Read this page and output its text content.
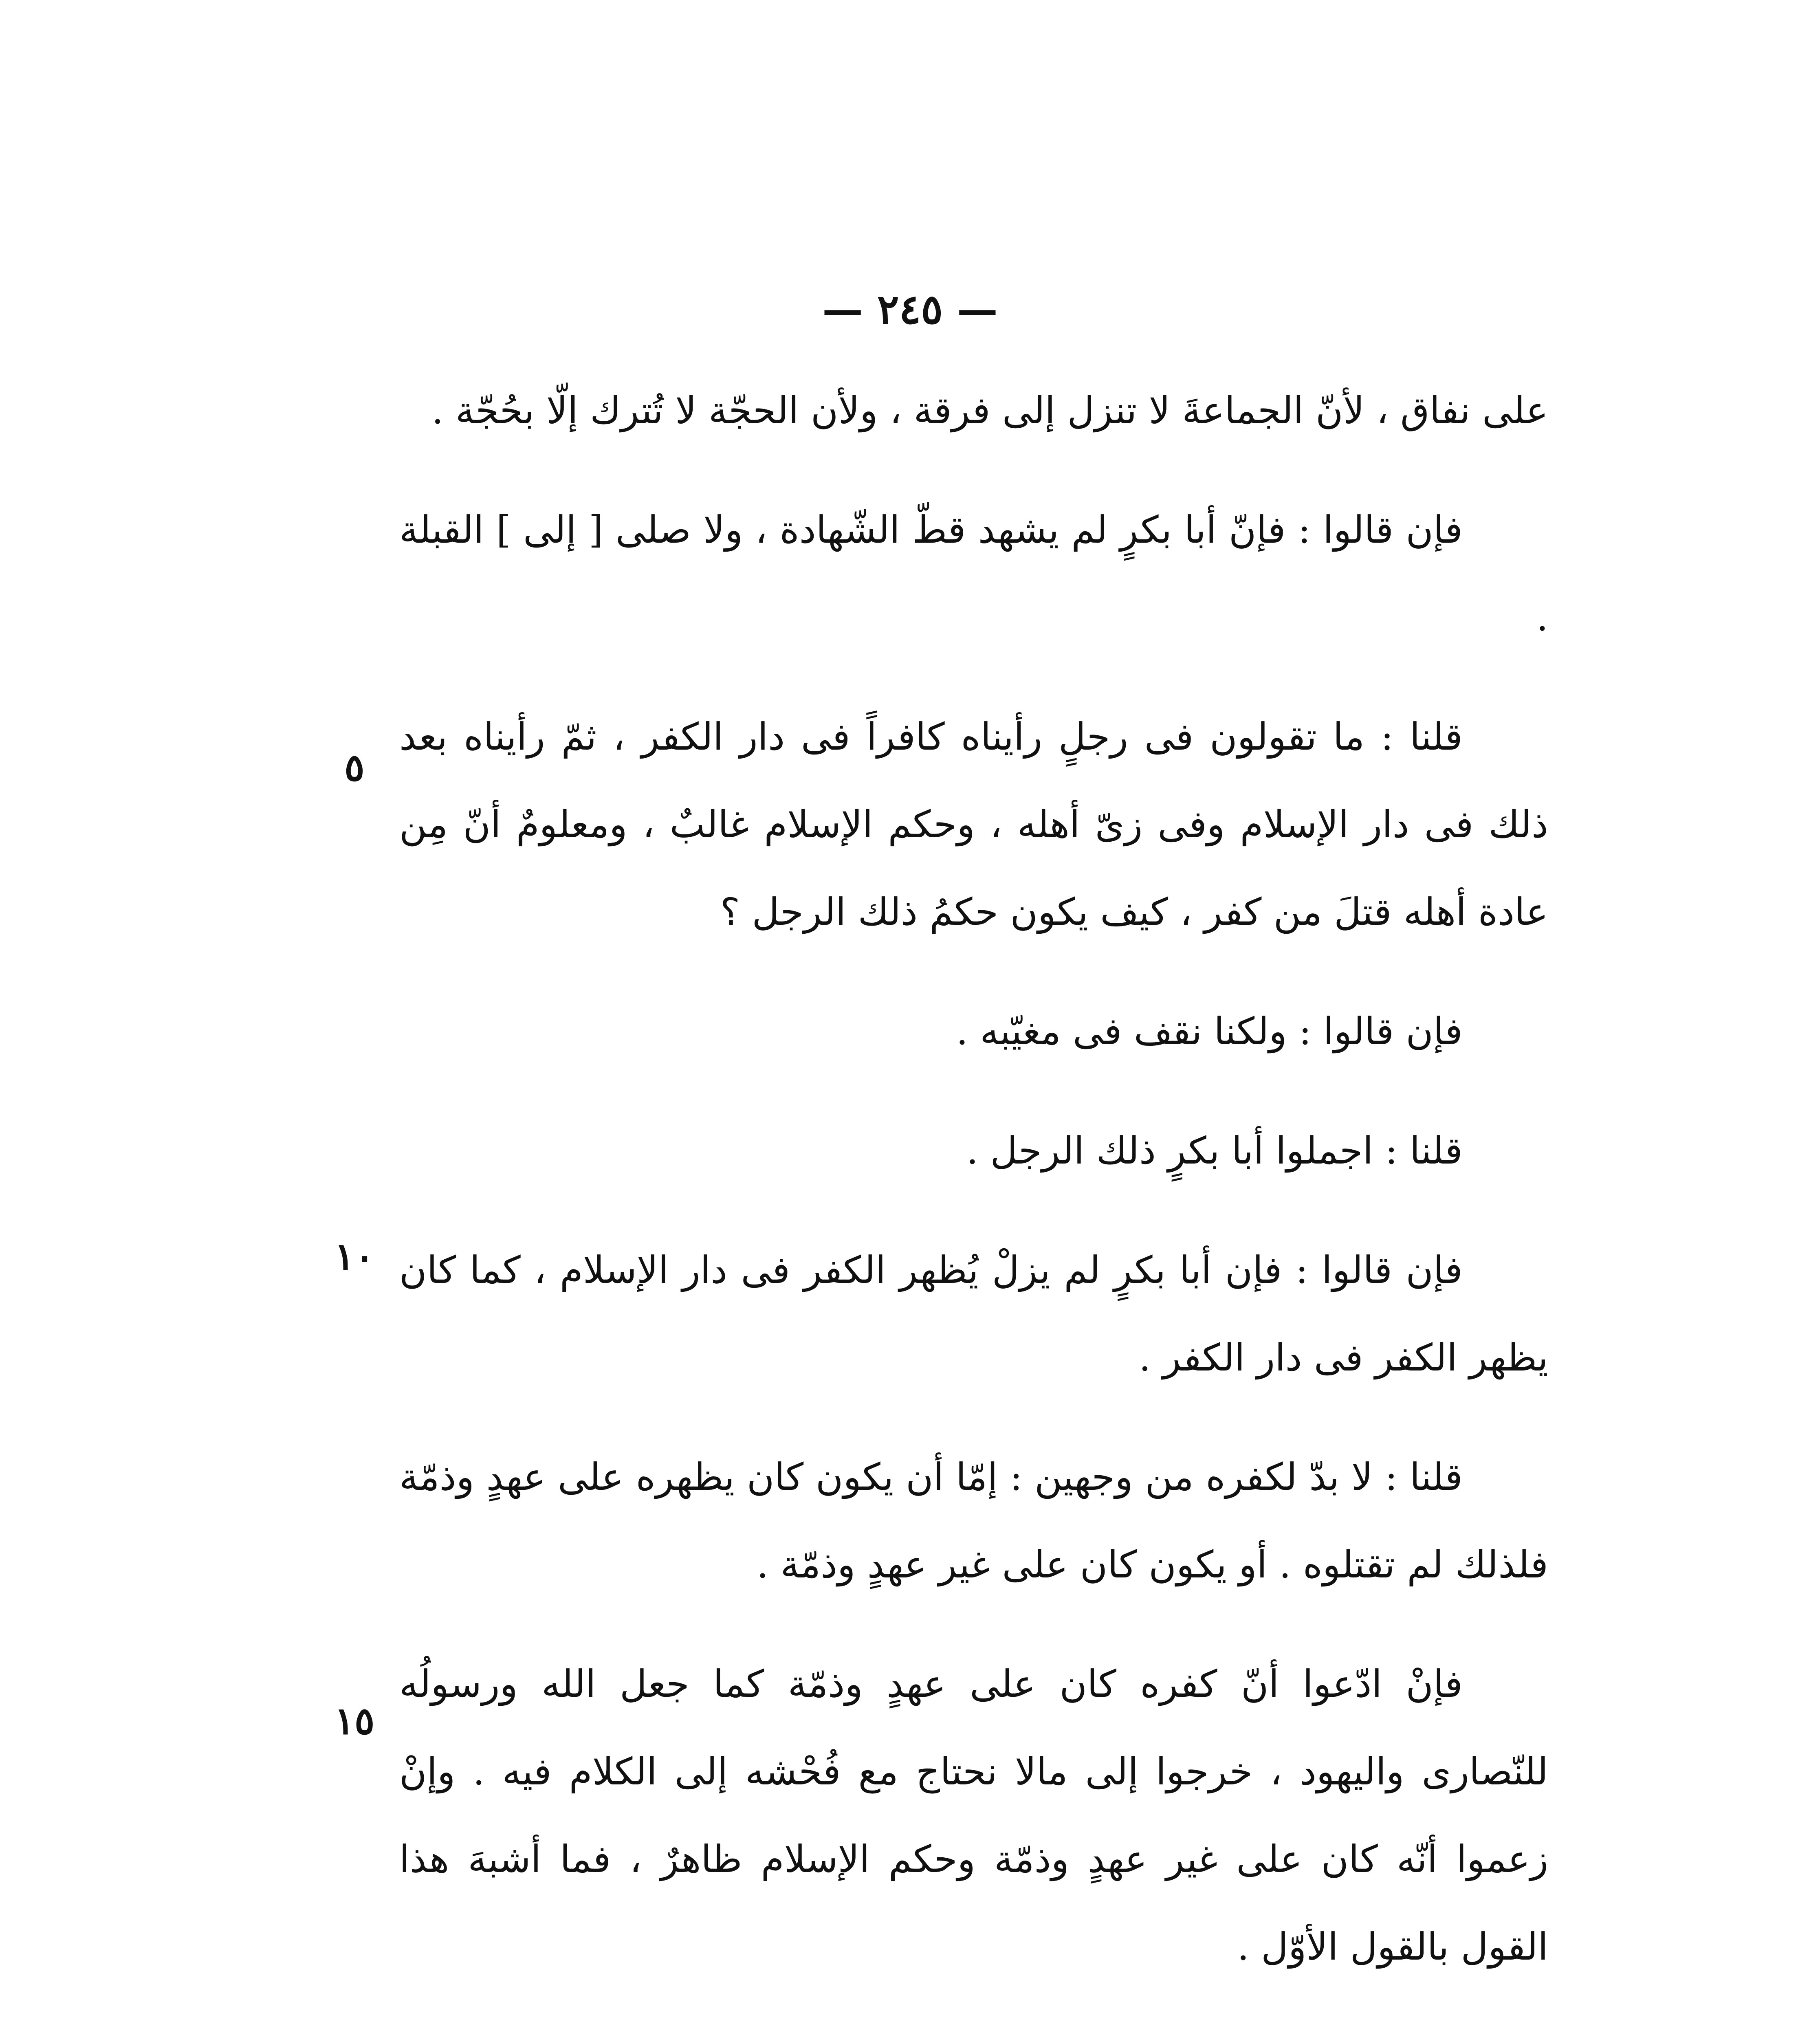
— ٢٤٥ —

على نفاق ، لأنّ الجماعةَ لا تنزل إلى فرقة ، ولأن الحجّة لا تُترك إلّا بحُجّة .

فإن قالوا : فإنّ أبا بكرٍ لم يشهد قطّ الشّهادة ، ولا صلى [ إلى ] القبلة .

قلنا : ما تقولون فى رجلٍ رأيناه كافراً فى دار الكفر ، ثمّ رأيناه بعد ذلك فى دار الإسلام وفى زىّ أهله ، وحكم الإسلام غالبٌ ، ومعلومٌ أنّ مِن عادة أهله قتلَ من كفر ، كيف يكون حكمُ ذلك الرجل ؟

فإن قالوا : ولكنا نقف فى مغيّبه .

قلنا : اجملوا أبا بكرٍ ذلك الرجل .

فإن قالوا : فإن أبا بكرٍ لم يزلْ يُظهر الكفر فى دار الإسلام ، كما كان يظهر الكفر فى دار الكفر .

قلنا : لا بدّ لكفره من وجهين : إمّا أن يكون كان يظهره على عهدٍ وذمّة فلذلك لم تقتلوه . أو يكون كان على غير عهدٍ وذمّة .

فإنْ ادّعوا أنّ كفره كان على عهدٍ وذمّة كما جعل الله ورسولُه للنّصارى واليهود ، خرجوا إلى مالا نحتاج مع فُحْشه إلى الكلام فيه . وإنْ زعموا أنّه كان على غير عهدٍ وذمّة وحكم الإسلام ظاهرٌ ، فما أشبهَ هذا القول بالقول الأوّل .

٥
١٠
١٥
